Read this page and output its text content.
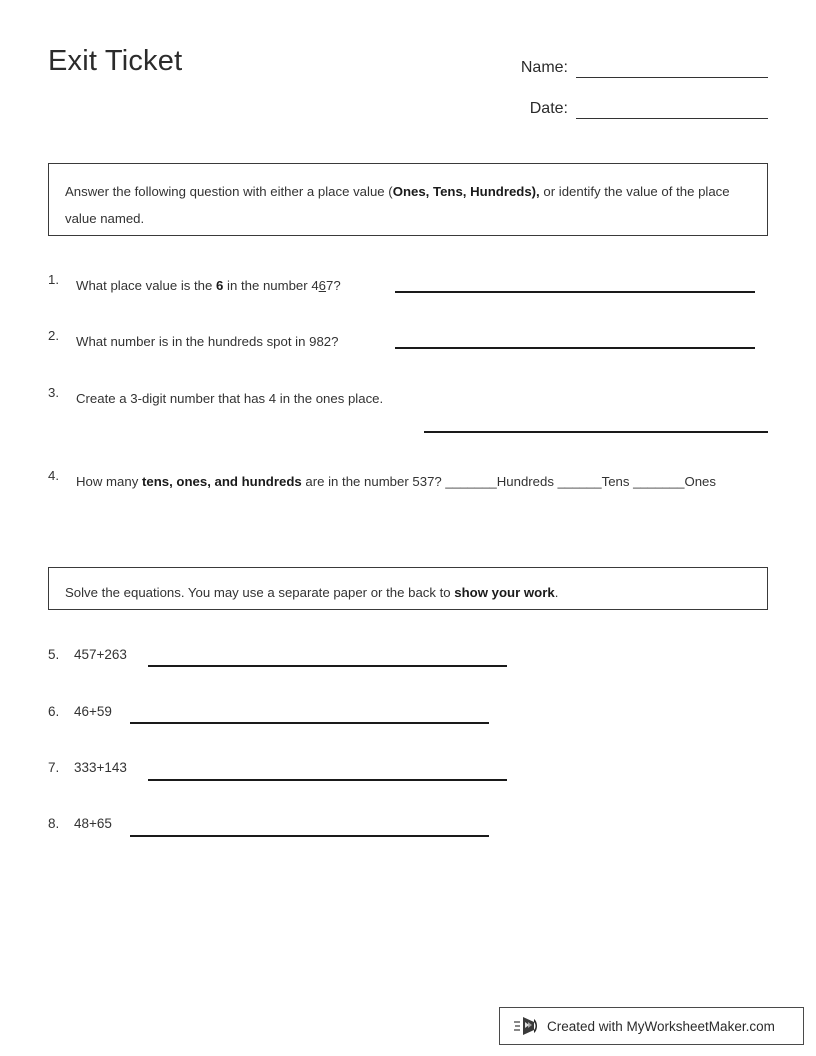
Exit Ticket	Name:
Date:
Answer the following question with either a place value (Ones, Tens, Hundreds), or identify the value of the place value named.
1.	What place value is the 6 in the number 467?
2.	What number is in the hundreds spot in 982?
3.	Create a 3-digit number that has 4 in the ones place.
4.	How many tens, ones, and hundreds are in the number 537? _______Hundreds ______Tens _______Ones
Solve the equations. You may use a separate paper or the back to show your work.
5.	457+263
6.	46+59
7.	333+143
8.	48+65
Created with MyWorksheetMaker.com
